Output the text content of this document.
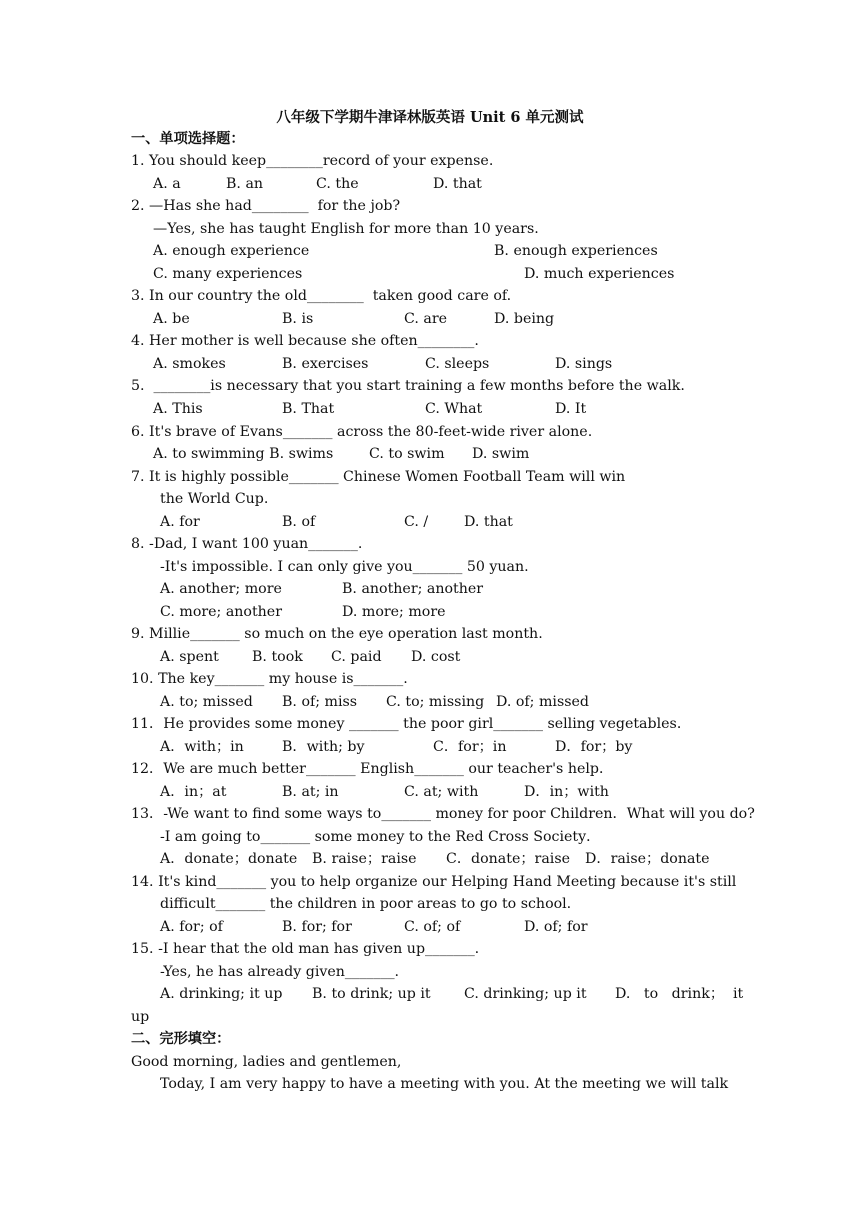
八年级下学期牛津译林版英语 Unit 6 单元测试
一、单项选择题：
1. You should keep________record of your expense.
A. a	B. an	C. the	D. that
2. —Has she had________  for the job?
—Yes, she has taught English for more than 10 years.
A. enough experience	B. enough experiences
C. many experiences	D. much experiences
3. In our country the old________  taken good care of.
A. be	B. is	C. are	D. being
4. Her mother is well because she often________.
A. smokes	B. exercises	C. sleeps	D. sings
5.  ________is necessary that you start training a few months before the walk.
A. This	B. That	C. What	D. It
6. It's brave of Evans_______ across the 80-feet-wide river alone.
A. to swimming B. swims	C. to swim D. swim
7. It is highly possible_______ Chinese Women Football Team will win
the World Cup.
A. for	B. of	C. /	D. that
8. -Dad, I want 100 yuan_______.
-It's impossible. I can only give you_______ 50 yuan.
A. another; more	B. another; another
C. more; another	D. more; more
9. Millie_______ so much on the eye operation last month.
A. spent B. took C. paid D. cost
10. The key_______ my house is_______.
A. to; missed B. of; miss C. to; missing D. of; missed
11．He provides some money _______ the poor girl_______ selling vegetables．
A．with；in	B．with; by	C．for；in	D．for；by
12．We are much better_______ English_______ our teacher's help．
A．in；at	B. at; in	C. at; with	D．in；with
13．-We want to find some ways to_______ money for poor Children．What will you do?
-I am going to_______ some money to the Red Cross Society．
A．donate；donate B. raise；raise C．donate；raise D．raise；donate
14. It's kind_______ you to help organize our Helping Hand Meeting because it's still
difficult_______ the children in poor areas to go to school.
A. for; of	B. for; for	C. of; of	D. of; for
15. -I hear that the old man has given up_______.
-Yes, he has already given_______.
A. drinking; it up B. to drink; up it C. drinking; up it D.   to   drink；  it
up
二、完形填空：
Good morning, ladies and gentlemen,
Today, I am very happy to have a meeting with you. At the meeting we will talk
